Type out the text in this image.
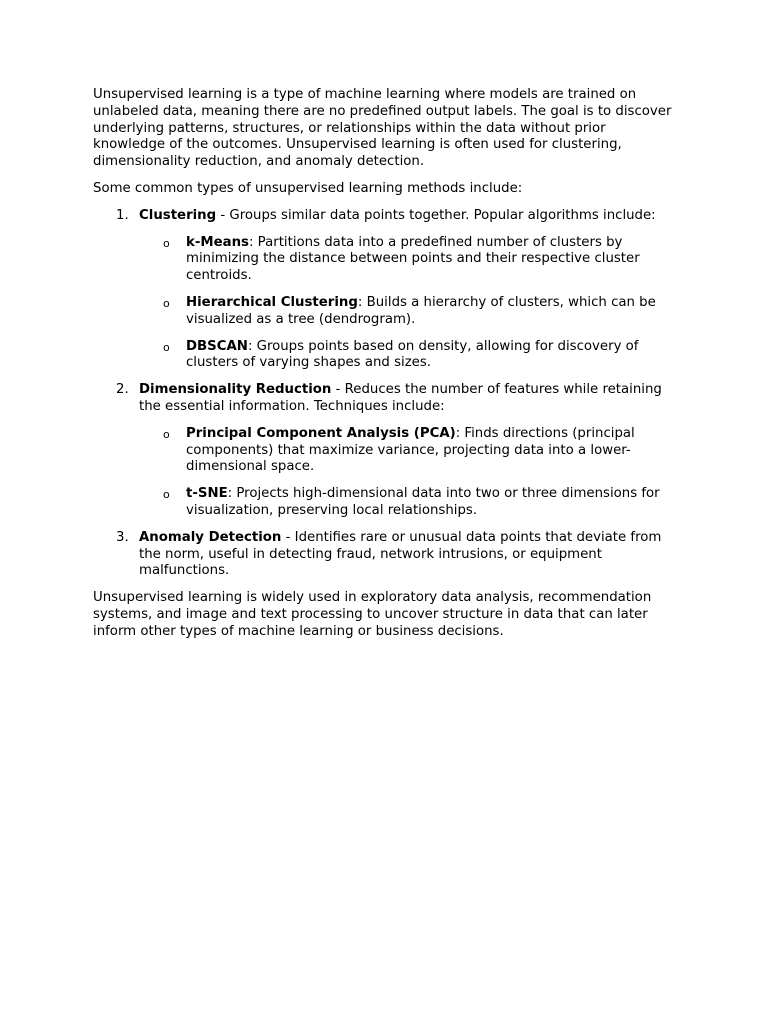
Unsupervised learning is a type of machine learning where models are trained on unlabeled data, meaning there are no predefined output labels. The goal is to discover underlying patterns, structures, or relationships within the data without prior knowledge of the outcomes. Unsupervised learning is often used for clustering, dimensionality reduction, and anomaly detection.

Some common types of unsupervised learning methods include:

1. Clustering - Groups similar data points together. Popular algorithms include:
o k-Means: Partitions data into a predefined number of clusters by minimizing the distance between points and their respective cluster centroids.
o Hierarchical Clustering: Builds a hierarchy of clusters, which can be visualized as a tree (dendrogram).
o DBSCAN: Groups points based on density, allowing for discovery of clusters of varying shapes and sizes.
2. Dimensionality Reduction - Reduces the number of features while retaining the essential information. Techniques include:
o Principal Component Analysis (PCA): Finds directions (principal components) that maximize variance, projecting data into a lower-dimensional space.
o t-SNE: Projects high-dimensional data into two or three dimensions for visualization, preserving local relationships.
3. Anomaly Detection - Identifies rare or unusual data points that deviate from the norm, useful in detecting fraud, network intrusions, or equipment malfunctions.

Unsupervised learning is widely used in exploratory data analysis, recommendation systems, and image and text processing to uncover structure in data that can later inform other types of machine learning or business decisions.
